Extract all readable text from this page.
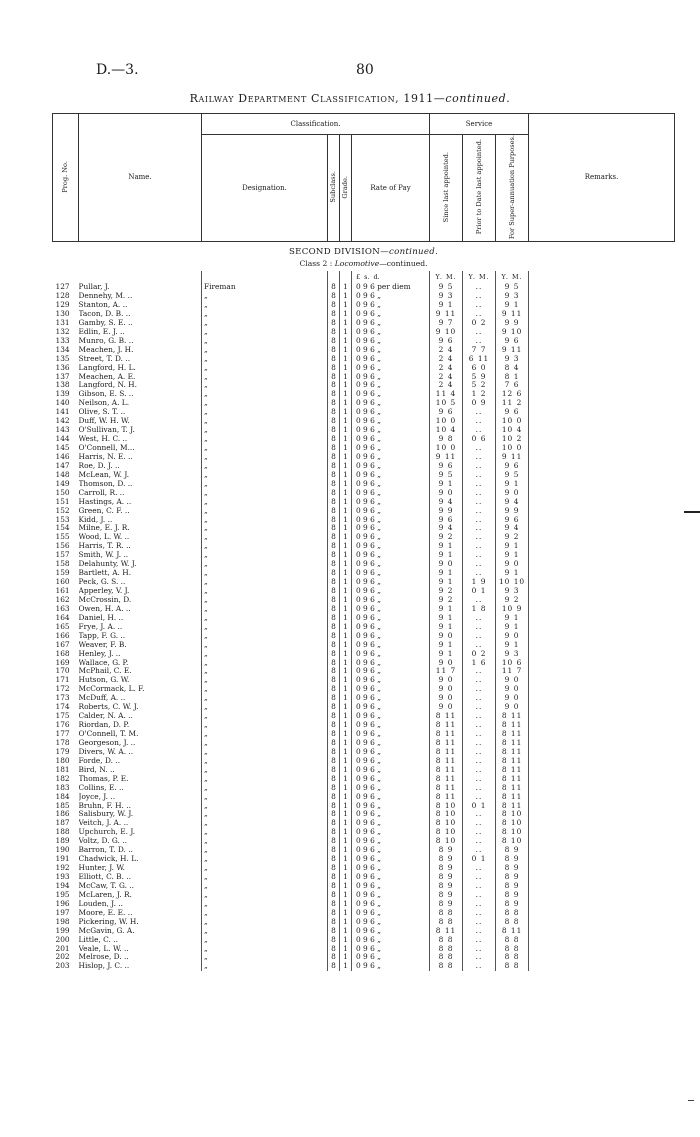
D.—3.	80
Railway Department Classification, 1911—continued.
Prog. No.	Name.	Classification.				Service			Remarks.
		Designation.	Subclass.	Grade.	Rate of Pay	Since last appointed.	Prior to Date last appointed.	For Super-annuation Purposes.	
SECOND DIVISION—continued.									
Class 2 : Locomotive—continued.									
					£ s. d.	Y. M.	Y. M.	Y. M.	
127	Pullar, J.	Fireman	8	1	0 9 6 per diem	9 5	..	9 5	
128	Dennehy, M. ..	„	8	1	0 9 6 „	9 3	..	9 3	
129	Stanton, A. ..	„	8	1	0 9 6 „	9 1	..	9 1	
130	Tacon, D. B. ..	„	8	1	0 9 6 „	9 11	..	9 11	
131	Gamby, S. E. ..	„	8	1	0 9 6 „	9 7	0 2	9 9	
132	Edlin, E. J. ..	„	8	1	0 9 6 „	9 10	..	9 10	
133	Munro, G. B. ..	„	8	1	0 9 6 „	9 6	..	9 6	
134	Meachen, J. H.	„	8	1	0 9 6 „	2 4	7 7	9 11	
135	Street, T. D. ..	„	8	1	0 9 6 „	2 4	6 11	9 3	
136	Langford, H. L.	„	8	1	0 9 6 „	2 4	6 0	8 4	
137	Meachen, A. E.	„	8	1	0 9 6 „	2 4	5 9	8 1	
138	Langford, N. H.	„	8	1	0 9 6 „	2 4	5 2	7 6	
139	Gibson, E. S. ..	„	8	1	0 9 6 „	11 4	1 2	12 6	
140	Neilson, A. L.	„	8	1	0 9 6 „	10 5	0 9	11 2	
141	Olive, S. T. ..	„	8	1	0 9 6 „	9 6	..	9 6	
142	Duff, W. H. W.	„	8	1	0 9 6 „	10 0	..	10 0	
143	O'Sullivan, T. J.	„	8	1	0 9 6 „	10 4	..	10 4	
144	West, H. C. ..	„	8	1	0 9 6 „	9 8	0 6	10 2	
145	O'Connell, M...	„	8	1	0 9 6 „	10 0	..	10 0	
146	Harris, N. E. ..	„	8	1	0 9 6 „	9 11	..	9 11	
147	Roe, D. J. ..	„	8	1	0 9 6 „	9 6	..	9 6	
148	McLean, W. J.	„	8	1	0 9 6 „	9 5	..	9 5	
149	Thomson, D. ..	„	8	1	0 9 6 „	9 1	..	9 1	
150	Carroll, R. ..	„	8	1	0 9 6 „	9 0	..	9 0	
151	Hastings, A. ..	„	8	1	0 9 6 „	9 4	..	9 4	
152	Green, C. F. ..	„	8	1	0 9 6 „	9 9	..	9 9	
153	Kidd, J. ..	„	8	1	0 9 6 „	9 6	..	9 6	
154	Milne, E. J. R.	„	8	1	0 9 6 „	9 4	..	9 4	
155	Wood, L. W. ..	„	8	1	0 9 6 „	9 2	..	9 2	
156	Harris, T. R. ..	„	8	1	0 9 6 „	9 1	..	9 1	
157	Smith, W. J. ..	„	8	1	0 9 6 „	9 1	..	9 1	
158	Delahunty, W. J.	„	8	1	0 9 6 „	9 0	..	9 0	
159	Bartlett, A. H.	„	8	1	0 9 6 „	9 1	..	9 1	
160	Peck, G. S. ..	„	8	1	0 9 6 „	9 1	1 9	10 10	
161	Apperley, V. J.	„	8	1	0 9 6 „	9 2	0 1	9 3	
162	McCrossin, D.	„	8	1	0 9 6 „	9 2	..	9 2	
163	Owen, H. A. ..	„	8	1	0 9 6 „	9 1	1 8	10 9	
164	Daniel, H. ..	„	8	1	0 9 6 „	9 1	..	9 1	
165	Frye, J. A. ..	„	8	1	0 9 6 „	9 1	..	9 1	
166	Tapp, F. G. ..	„	8	1	0 9 6 „	9 0	..	9 0	
167	Weaver, F. B.	„	8	1	0 9 6 „	9 1	..	9 1	
168	Henley, J. ..	„	8	1	0 9 6 „	9 1	0 2	9 3	
169	Wallace, G. P.	„	8	1	0 9 6 „	9 0	1 6	10 6	
170	McPhail, C. E.	„	8	1	0 9 6 „	11 7	..	11 7	
171	Hutson, G. W.	„	8	1	0 9 6 „	9 0	..	9 0	
172	McCormack, L. F.	„	8	1	0 9 6 „	9 0	..	9 0	
173	McDuff, A. ..	„	8	1	0 9 6 „	9 0	..	9 0	
174	Roberts, C. W. J.	„	8	1	0 9 6 „	9 0	..	9 0	
175	Calder, N. A. ..	„	8	1	0 9 6 „	8 11	..	8 11	
176	Riordan, D. P.	„	8	1	0 9 6 „	8 11	..	8 11	
177	O'Connell, T. M.	„	8	1	0 9 6 „	8 11	..	8 11	
178	Georgeson, J. ..	„	8	1	0 9 6 „	8 11	..	8 11	
179	Divers, W. A. ..	„	8	1	0 9 6 „	8 11	..	8 11	
180	Forde, D. ..	„	8	1	0 9 6 „	8 11	..	8 11	
181	Bird, N. ..	„	8	1	0 9 6 „	8 11	..	8 11	
182	Thomas, P. E.	„	8	1	0 9 6 „	8 11	..	8 11	
183	Collins, E. ..	„	8	1	0 9 6 „	8 11	..	8 11	
184	Joyce, J. ..	„	8	1	0 9 6 „	8 11	..	8 11	
185	Bruhn, F. H. ..	„	8	1	0 9 6 „	8 10	0 1	8 11	
186	Salisbury, W. J.	„	8	1	0 9 6 „	8 10	..	8 10	
187	Veitch, J. A. ..	„	8	1	0 9 6 „	8 10	..	8 10	
188	Upchurch, E. J.	„	8	1	0 9 6 „	8 10	..	8 10	
189	Voltz, D. G. ..	„	8	1	0 9 6 „	8 10	..	8 10	
190	Barron, T. D. ..	„	8	1	0 9 6 „	8 9	..	8 9	
191	Chadwick, H. L.	„	8	1	0 9 6 „	8 9	0 1	8 9	
192	Hunter, J. W.	„	8	1	0 9 6 „	8 9	..	8 9	
193	Elliott, C. B. ..	„	8	1	0 9 6 „	8 9	..	8 9	
194	McCaw, T. G. ..	„	8	1	0 9 6 „	8 9	..	8 9	
195	McLaren, J. R.	„	8	1	0 9 6 „	8 9	..	8 9	
196	Louden, J. ..	„	8	1	0 9 6 „	8 9	..	8 9	
197	Moore, E. E. ..	„	8	1	0 9 6 „	8 8	..	8 8	
198	Pickering, W. H.	„	8	1	0 9 6 „	8 8	..	8 8	
199	McGavin, G. A.	„	8	1	0 9 6 „	8 11	..	8 11	
200	Little, C. ..	„	8	1	0 9 6 „	8 8	..	8 8	
201	Veale, L. W. ..	„	8	1	0 9 6 „	8 8	..	8 8	
202	Melrose, D. ..	„	8	1	0 9 6 „	8 8	..	8 8	
203	Hislop, J. C. ..	„	8	1	0 9 6 „	8 8	..	8 8	
